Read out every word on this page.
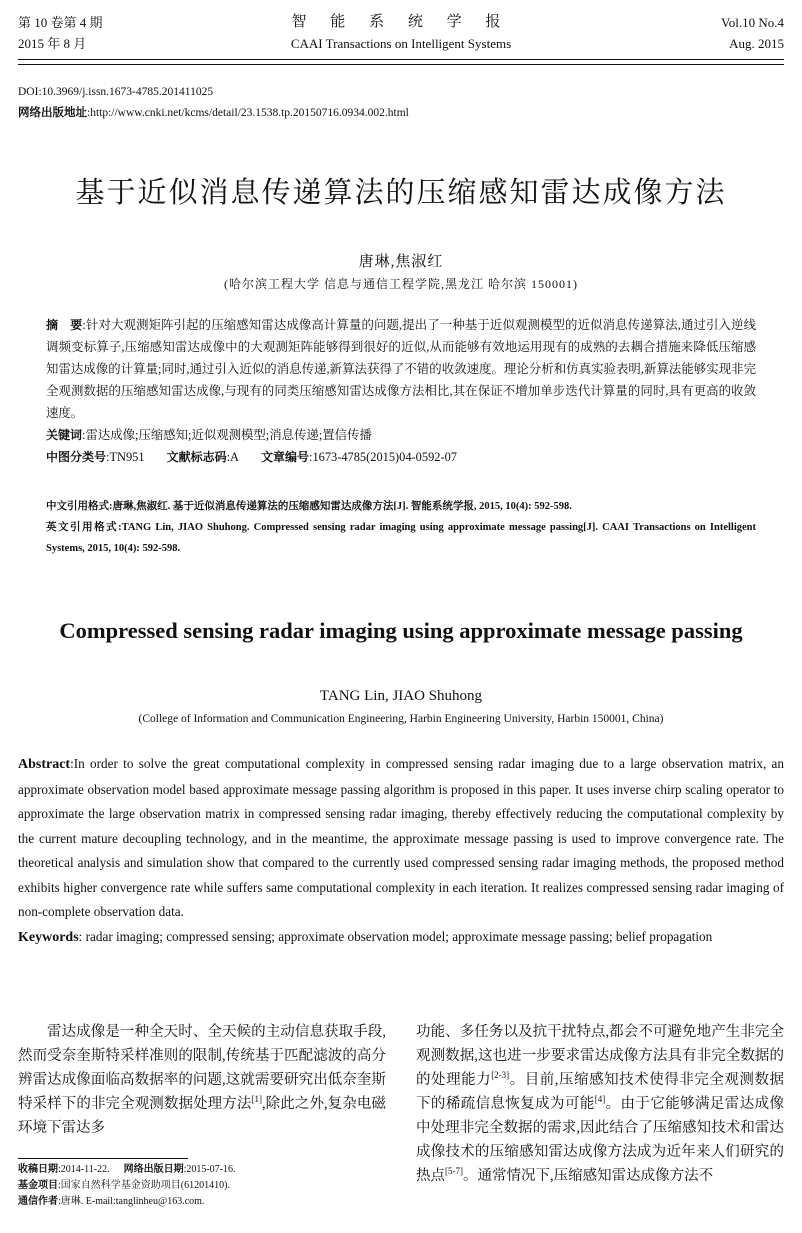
第 10 卷第 4 期
2015 年 8 月
智 能 系 统 学 报
CAAI Transactions on Intelligent Systems
Vol.10 No.4
Aug. 2015
DOI:10.3969/j.issn.1673-4785.201411025
网络出版地址:http://www.cnki.net/kcms/detail/23.1538.tp.20150716.0934.002.html
基于近似消息传递算法的压缩感知雷达成像方法
唐琳,焦淑红
(哈尔滨工程大学 信息与通信工程学院,黑龙江 哈尔滨 150001)
摘　要:针对大观测矩阵引起的压缩感知雷达成像高计算量的问题,提出了一种基于近似观测模型的近似消息传递算法,通过引入逆线调频变标算子,压缩感知雷达成像中的大观测矩阵能够得到很好的近似,从而能够有效地运用现有的成熟的去耦合措施来降低压缩感知雷达成像的计算量;同时,通过引入近似的消息传递,新算法获得了不错的收敛速度。理论分析和仿真实验表明,新算法能够实现非完全观测数据的压缩感知雷达成像,与现有的同类压缩感知雷达成像方法相比,其在保证不增加单步迭代计算量的同时,具有更高的收敛速度。
关键词:雷达成像;压缩感知;近似观测模型;消息传递;置信传播
中图分类号:TN951 文献标志码:A 文章编号:1673-4785(2015)04-0592-07
中文引用格式:唐琳,焦淑红. 基于近似消息传递算法的压缩感知雷达成像方法[J]. 智能系统学报, 2015, 10(4): 592-598.
英文引用格式:TANG Lin, JIAO Shuhong. Compressed sensing radar imaging using approximate message passing[J]. CAAI Transactions on Intelligent Systems, 2015, 10(4): 592-598.
Compressed sensing radar imaging using approximate message passing
TANG Lin, JIAO Shuhong
(College of Information and Communication Engineering, Harbin Engineering University, Harbin 150001, China)
Abstract:In order to solve the great computational complexity in compressed sensing radar imaging due to a large observation matrix, an approximate observation model based approximate message passing algorithm is proposed in this paper. It uses inverse chirp scaling operator to approximate the large observation matrix in compressed sensing radar imaging, thereby effectively reducing the computational complexity by the current mature decoupling technology, and in the meantime, the approximate message passing is used to improve convergence rate. The theoretical analysis and simulation show that compared to the currently used compressed sensing radar imaging methods, the proposed method exhibits higher convergence rate while suffers same computational complexity in each iteration. It realizes compressed sensing radar imaging of non-complete observation data.
Keywords: radar imaging; compressed sensing; approximate observation model; approximate message passing; belief propagation

雷达成像是一种全天时、全天候的主动信息获取手段,然而受奈奎斯特采样准则的限制,传统基于匹配滤波的高分辨雷达成像面临高数据率的问题,这就需要研究出低奈奎斯特采样下的非完全观测数据处理方法[1],除此之外,复杂电磁环境下雷达多

功能、多任务以及抗干扰特点,都会不可避免地产生非完全观测数据,这也进一步要求雷达成像方法具有非完全数据的的处理能力[2-3]。目前,压缩感知技术使得非完全观测数据下的稀疏信息恢复成为可能[4]。由于它能够满足雷达成像中处理非完全数据的需求,因此结合了压缩感知技术和雷达成像技术的压缩感知雷达成像方法成为近年来人们研究的热点[5-7]。通常情况下,压缩感知雷达成像方法不

收稿日期:2014-11-22. 网络出版日期:2015-07-16.
基金项目:国家自然科学基金资助项目(61201410).
通信作者:唐琳. E-mail:tanglinheu@163.com.
